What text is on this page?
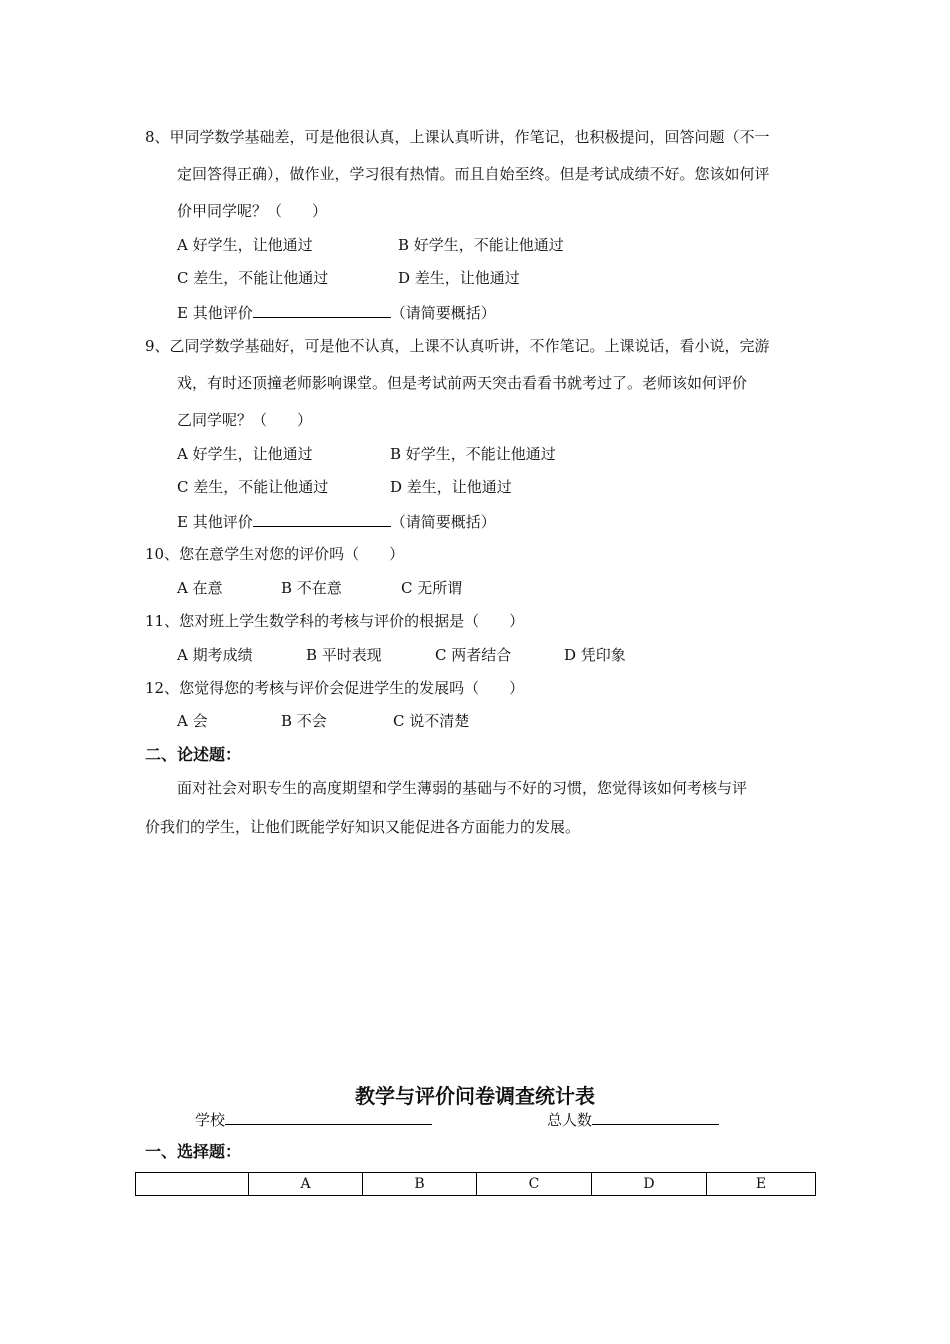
8、甲同学数学基础差，可是他很认真，上课认真听讲，作笔记，也积极提问，回答问题（不一
定回答得正确），做作业，学习很有热情。而且自始至终。但是考试成绩不好。您该如何评
价甲同学呢？（　　）
A 好学生，让他通过	B 好学生，不能让他通过
C 差生，不能让他通过	D 差生，让他通过
E 其他评价	（请简要概括）
9、乙同学数学基础好，可是他不认真，上课不认真听讲，不作笔记。上课说话，看小说，完游
戏，有时还顶撞老师影响课堂。但是考试前两天突击看看书就考过了。老师该如何评价
乙同学呢？（　　）
A 好学生，让他通过	B 好学生，不能让他通过
C 差生，不能让他通过	D 差生，让他通过
E 其他评价	（请简要概括）
10、您在意学生对您的评价吗（　　）
A 在意	B 不在意	C 无所谓
11、您对班上学生数学科的考核与评价的根据是（　　）
A 期考成绩	B 平时表现	C 两者结合	D 凭印象
12、您觉得您的考核与评价会促进学生的发展吗（　　）
A 会	B 不会	C 说不清楚
二、论述题：
面对社会对职专生的高度期望和学生薄弱的基础与不好的习惯，您觉得该如何考核与评
价我们的学生，让他们既能学好知识又能促进各方面能力的发展。
教学与评价问卷调查统计表
学校	总人数
一、选择题：
	A	B	C	D	E
